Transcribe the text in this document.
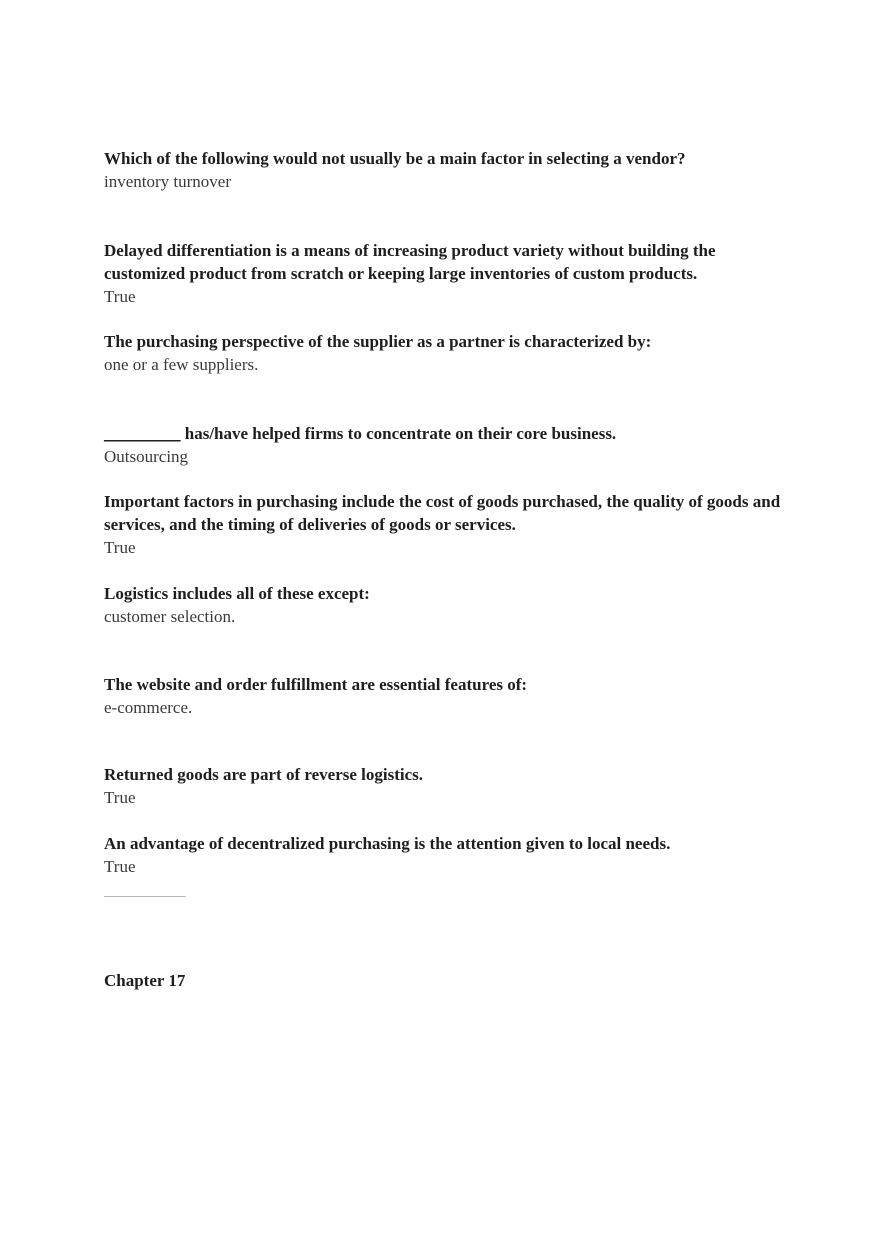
Which of the following would not usually be a main factor in selecting a vendor?
inventory turnover
Delayed differentiation is a means of increasing product variety without building the customized product from scratch or keeping large inventories of custom products.
True
The purchasing perspective of the supplier as a partner is characterized by:
one or a few suppliers.
_________ has/have helped firms to concentrate on their core business.
Outsourcing
Important factors in purchasing include the cost of goods purchased, the quality of goods and services, and the timing of deliveries of goods or services.
True
Logistics includes all of these except:
customer selection.
The website and order fulfillment are essential features of:
e-commerce.
Returned goods are part of reverse logistics.
True
An advantage of decentralized purchasing is the attention given to local needs.
True
Chapter 17
